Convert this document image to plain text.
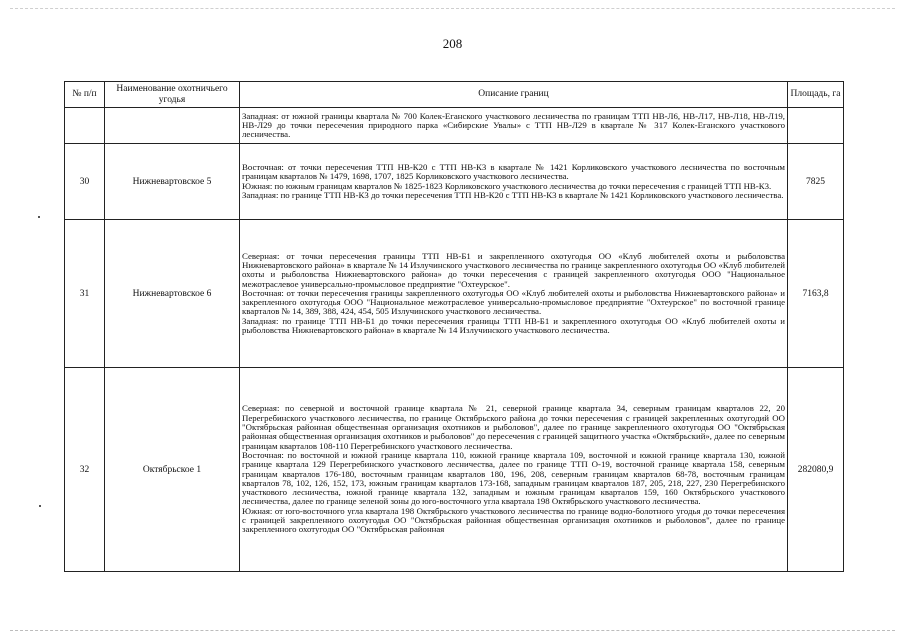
208
№ п/п	Наименование охотничьего угодья	Описание границ	Площадь, га

		Западная: от южной границы квартала № 700 Колек-Еганского участкового лесничества по границам ТТП НВ-Л6, НВ-Л17, НВ-Л18, НВ-Л19, НВ-Л29 до точки пересечения природного парка «Сибирские Увалы» с ТТП НВ-Л29 в квартале № 317 Колек-Еганского участкового лесничества.	

30	Нижневартовское 5	Восточная: от точки пересечения ТТП НВ-К20 с ТТП НВ-К3 в квартале № 1421 Корликовского участкового лесничества по восточным границам кварталов № 1479, 1698, 1707, 1825 Корликовского участкового лесничества.

Южная: по южным границам кварталов № 1825-1823 Корликовского участкового лесничества до точки пересечения с границей ТТП НВ-К3.

Западная: по границе ТТП НВ-К3 до точки пересечения ТТП НВ-К20 с ТТП НВ-К3 в квартале № 1421 Корликовского участкового лесничества.	7825
31	Нижневартовское 6	Северная: от точки пересечения границы ТТП НВ-Б1 и закрепленного охотугодья ОО «Клуб любителей охоты и рыболовства Нижневартовского района» в квартале № 14 Излучинского участкового лесничества по границе закрепленного охотугодья ОО «Клуб любителей охоты и рыболовства Нижневартовского района» до точки пересечения с границей закрепленного охотугодья ООО "Национальное межотраслевое универсально-промысловое предприятие "Охтеурское".

Восточная: от точки пересечения границы закрепленного охотугодья ОО «Клуб любителей охоты и рыболовства Нижневартовского района» и закрепленного охотугодья ООО "Национальное межотраслевое универсально-промысловое предприятие "Охтеурское" по восточной границе кварталов № 14, 389, 388, 424, 454, 505 Излучинского участкового лесничества.

Западная: по границе ТТП НВ-Б1 до точки пересечения границы ТТП НВ-Б1 и закрепленного охотугодья ОО «Клуб любителей охоты и рыболовства Нижневартовского района» в квартале № 14 Излучинского участкового лесничества.	7163,8
32	Октябрьское 1	Северная: по северной и восточной границе квартала № 21, северной границе квартала 34, северным границам кварталов 22, 20 Перегребинского участкового лесничества, по границе Октябрьского района до точки пересечения с границей закрепленных охотугодий ОО "Октябрьская районная общественная организация охотников и рыболовов", далее по границе закрепленного охотугодья ОО "Октябрьская районная общественная организация охотников и рыболовов" до пересечения с границей защитного участка «Октябрьский», далее по северным границам кварталов 108-110 Перегребинского участкового лесничества.

Восточная: по восточной и южной границе квартала 110, южной границе квартала 109, восточной и южной границе квартала 130, южной границе квартала 129 Перегребинского участкового лесничества, далее по границе ТТП О-19, восточной границе квартала 158, северным границам кварталов 176-180, восточным границам кварталов 180, 196, 208, северным границам кварталов 68-78, восточным границам кварталов 78, 102, 126, 152, 173, южным границам кварталов 173-168, западным границам кварталов 187, 205, 218, 227, 230 Перегребинского участкового лесничества, южной границе квартала 132, западным и южным границам кварталов 159, 160 Октябрьского участкового лесничества, далее по границе зеленой зоны до юго-восточного угла квартала 198 Октябрьского участкового лесничества.

Южная: от юго-восточного угла квартала 198 Октябрьского участкового лесничества по границе водно-болотного угодья до точки пересечения с границей закрепленного охотугодья ОО "Октябрьская районная общественная организация охотников и рыболовов", далее по границе закрепленного охотугодья ОО "Октябрьская районная	282080,9
